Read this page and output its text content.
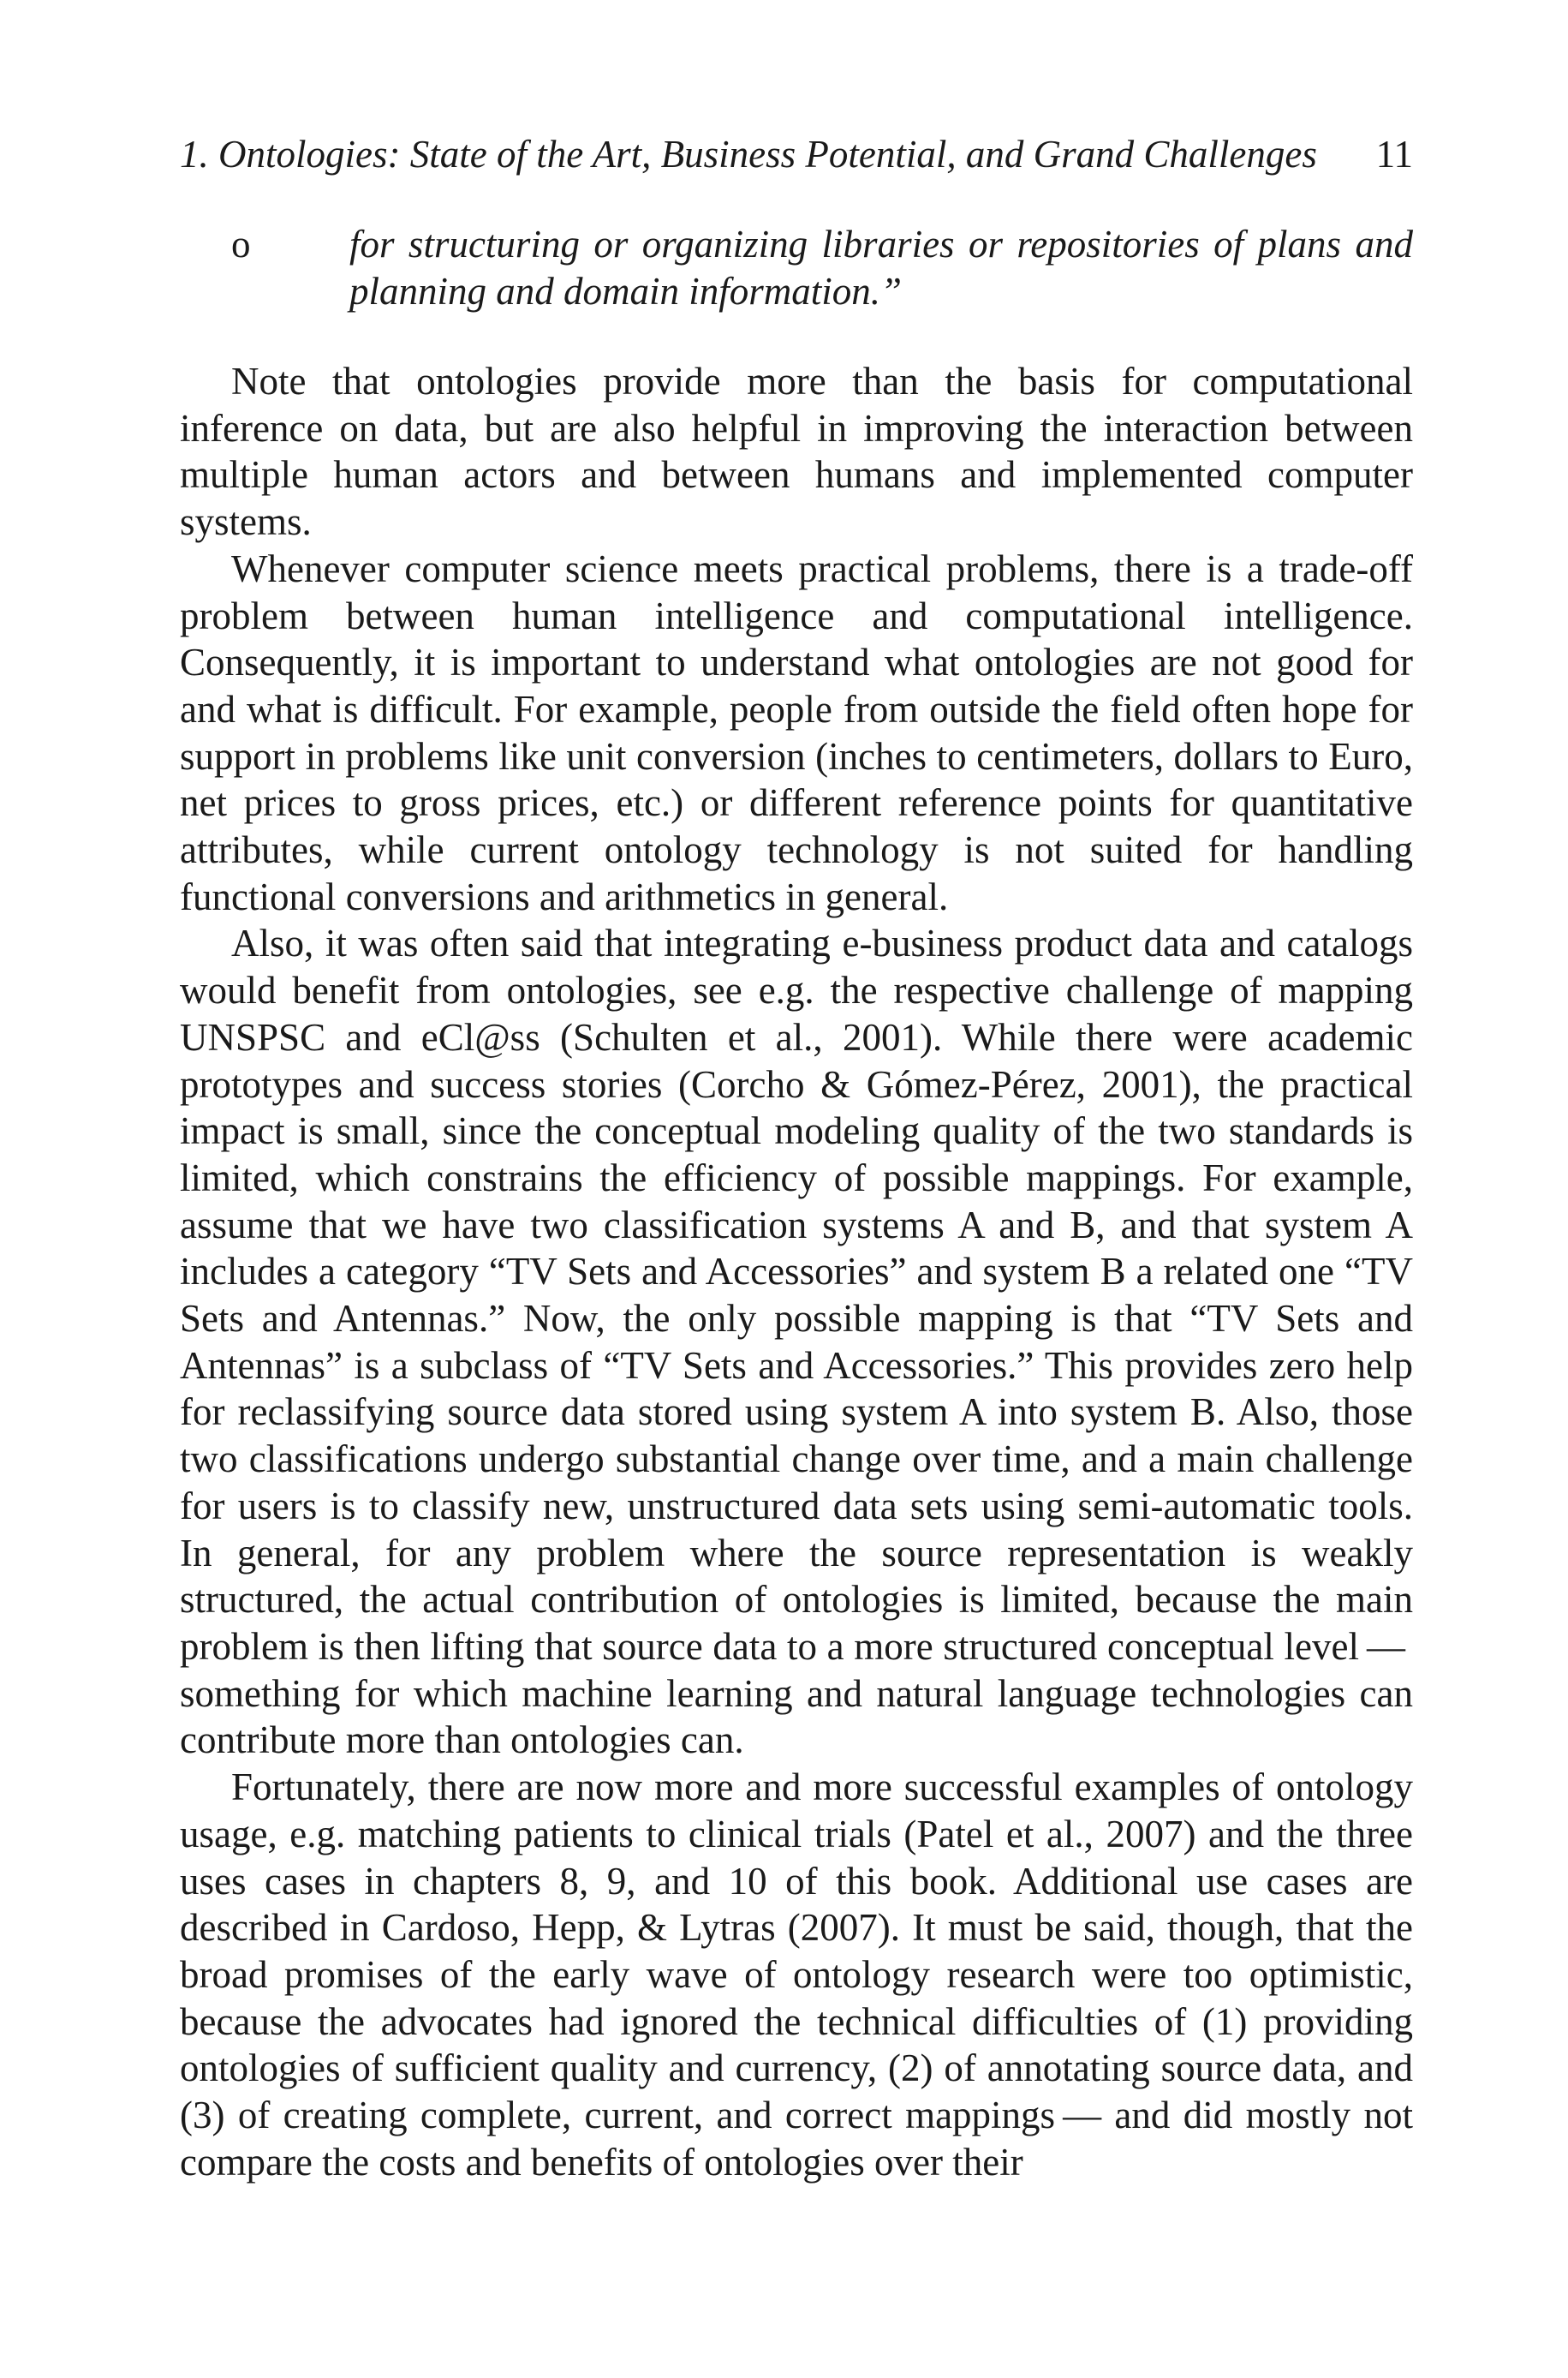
1. Ontologies: State of the Art, Business Potential, and Grand Challenges 11
o	for structuring or organizing libraries or repositories of plans and planning and domain information.”

Note that ontologies provide more than the basis for computational inference on data, but are also helpful in improving the interaction between multiple human actors and between humans and implemented computer systems.

Whenever computer science meets practical problems, there is a trade-off problem between human intelligence and computational intelligence. Consequently, it is important to understand what ontologies are not good for and what is difficult. For example, people from outside the field often hope for support in problems like unit conversion (inches to centimeters, dollars to Euro, net prices to gross prices, etc.) or different reference points for quantitative attributes, while current ontology technology is not suited for handling functional conversions and arithmetics in general.

Also, it was often said that integrating e-business product data and catalogs would benefit from ontologies, see e.g. the respective challenge of mapping UNSPSC and eCl@ss (Schulten et al., 2001). While there were academic prototypes and success stories (Corcho & Gómez-Pérez, 2001), the practical impact is small, since the conceptual modeling quality of the two standards is limited, which constrains the efficiency of possible mappings. For example, assume that we have two classification systems A and B, and that system A includes a category “TV Sets and Accessories” and system B a related one “TV Sets and Antennas.” Now, the only possible mapping is that “TV Sets and Antennas” is a subclass of “TV Sets and Accessories.” This provides zero help for reclassifying source data stored using system A into system B. Also, those two classifications undergo substantial change over time, and a main challenge for users is to classify new, unstructured data sets using semi-automatic tools. In general, for any problem where the source representation is weakly structured, the actual contribution of ontologies is limited, because the main problem is then lifting that source data to a more structured conceptual level — something for which machine learning and natural language technologies can contribute more than ontologies can.

Fortunately, there are now more and more successful examples of ontology usage, e.g. matching patients to clinical trials (Patel et al., 2007) and the three uses cases in chapters 8, 9, and 10 of this book. Additional use cases are described in Cardoso, Hepp, & Lytras (2007). It must be said, though, that the broad promises of the early wave of ontology research were too optimistic, because the advocates had ignored the technical difficulties of (1) providing ontologies of sufficient quality and currency, (2) of annotating source data, and (3) of creating complete, current, and correct mappings — and did mostly not compare the costs and benefits of ontologies over their
